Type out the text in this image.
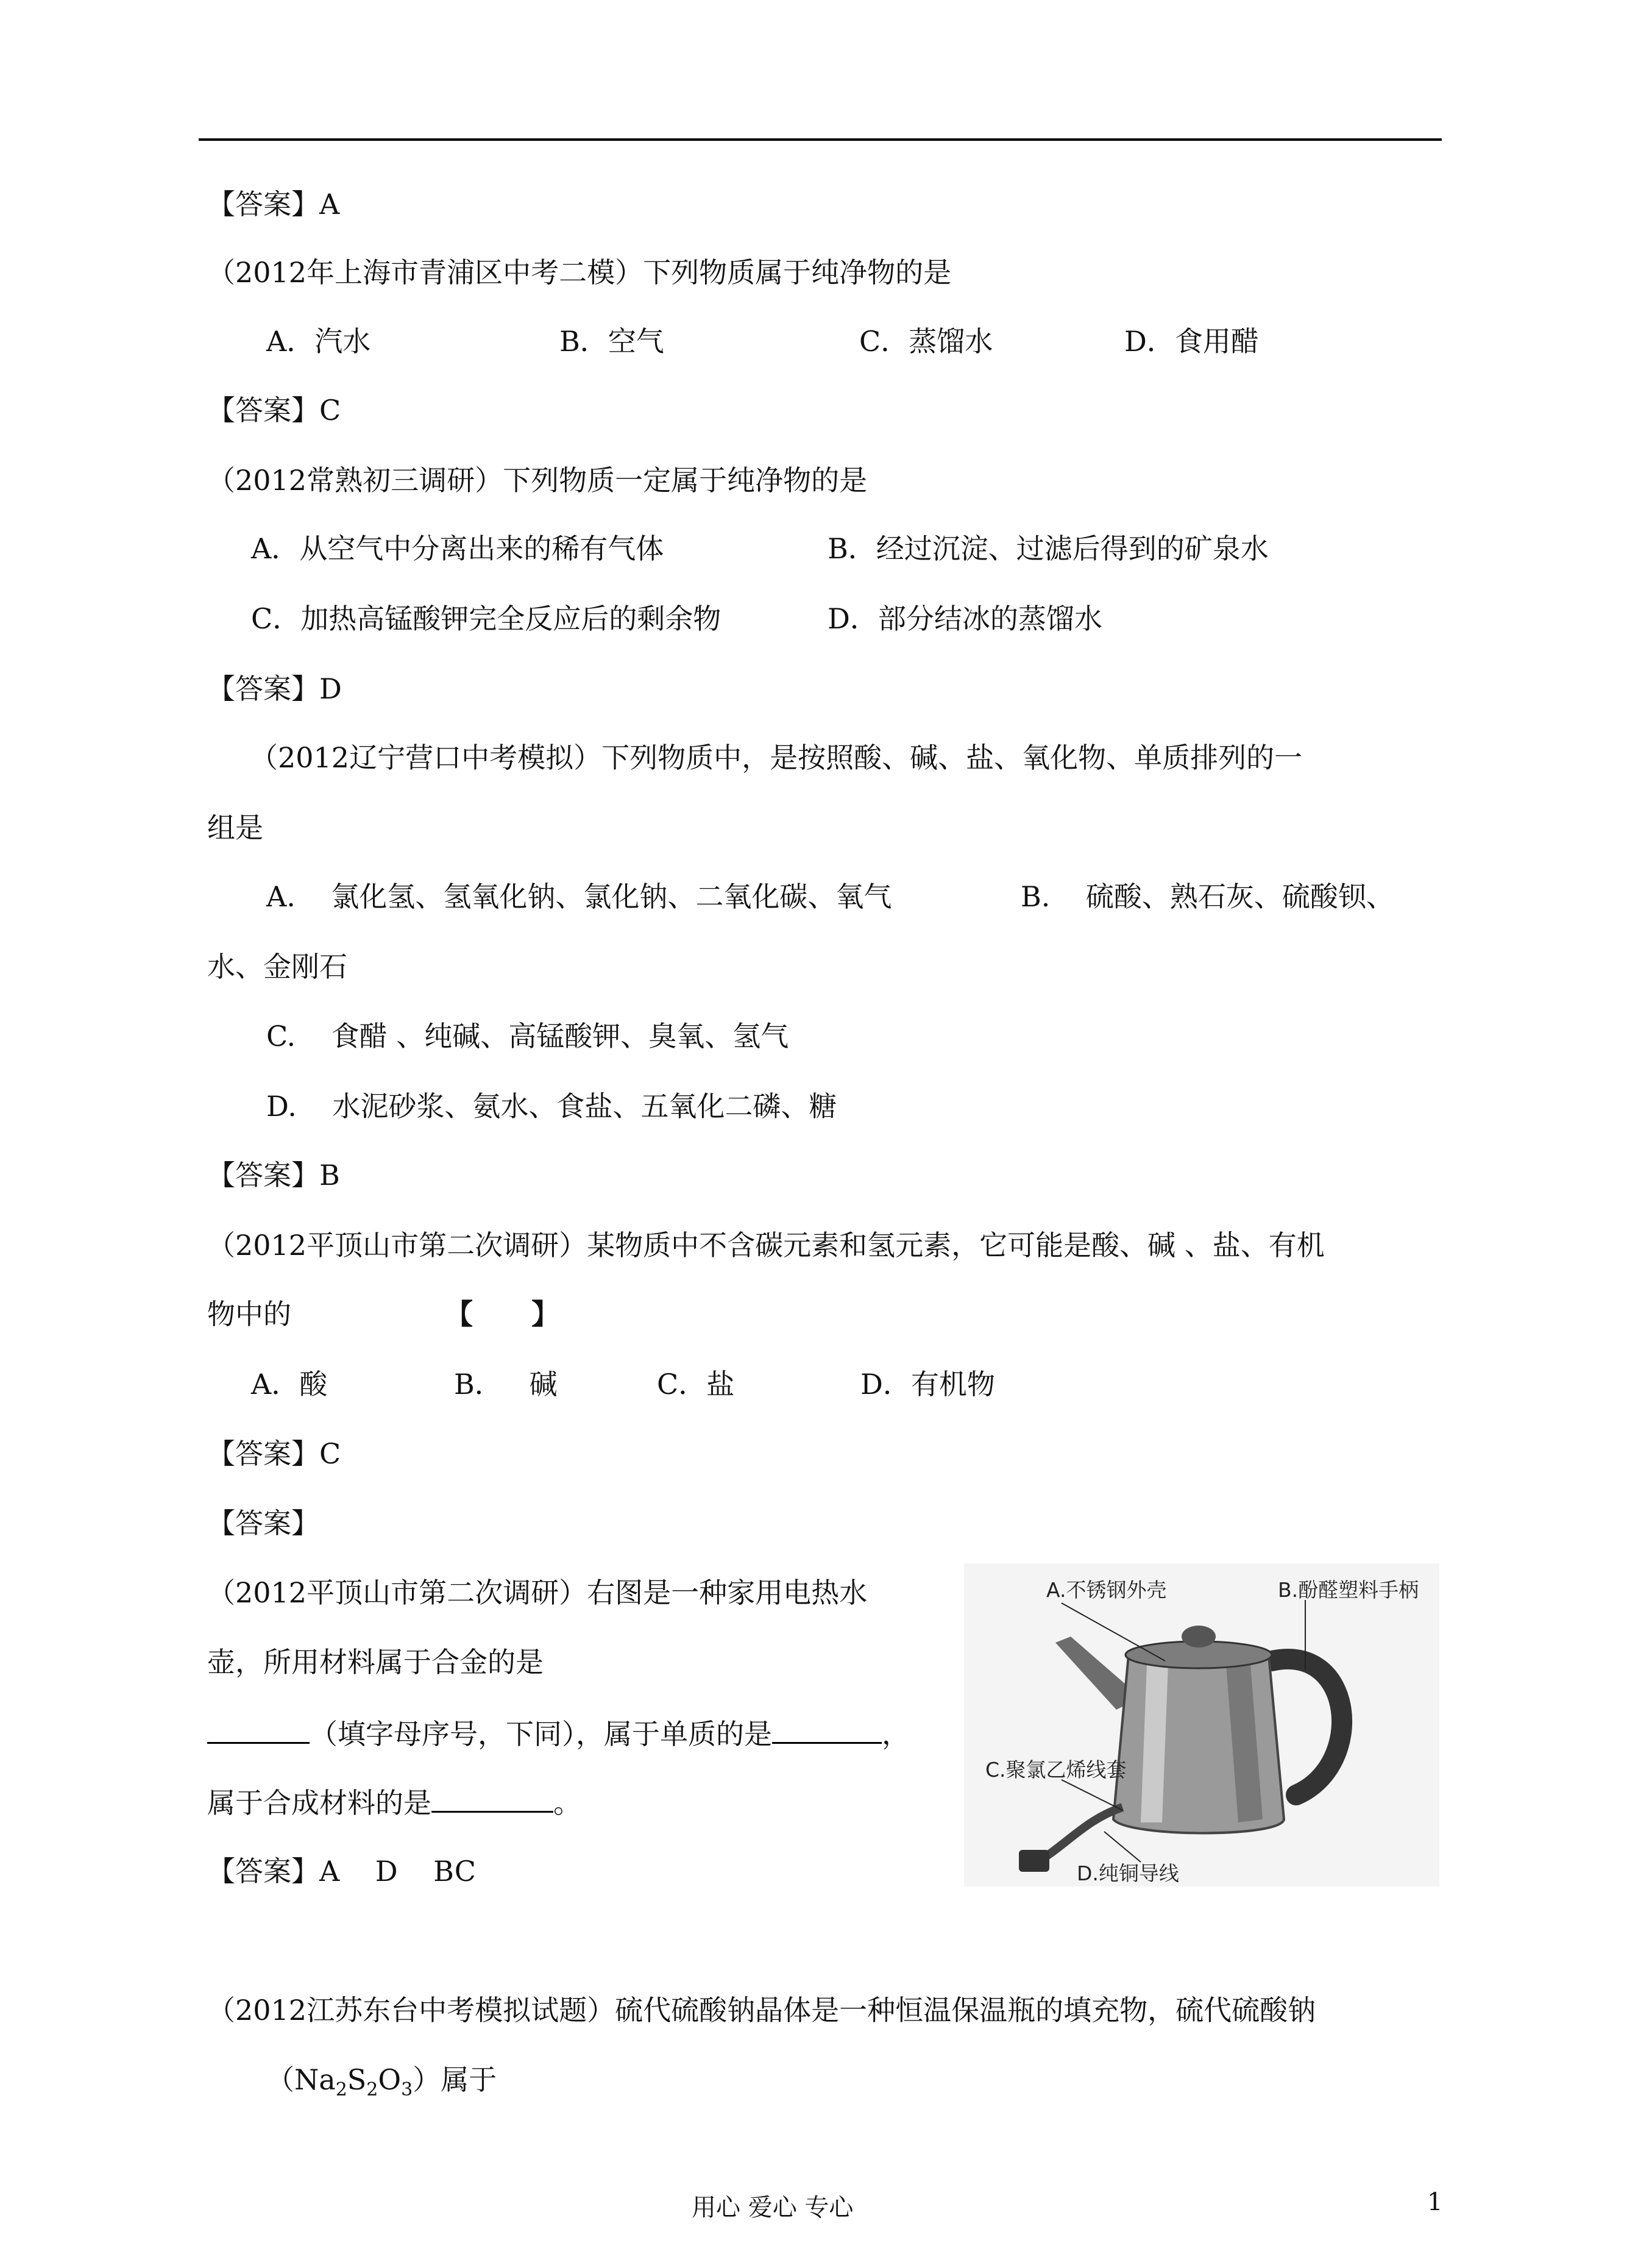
【答案】A
（2012年上海市青浦区中考二模）下列物质属于纯净物的是
A．汽水	B．空气	C．蒸馏水	D．食用醋
【答案】C
（2012常熟初三调研）下列物质一定属于纯净物的是
A．从空气中分离出来的稀有气体	B．经过沉淀、过滤后得到的矿泉水
C．加热高锰酸钾完全反应后的剩余物	D．部分结冰的蒸馏水
【答案】D
（2012辽宁营口中考模拟）下列物质中，是按照酸、碱、盐、氧化物、单质排列的一
组是
A.    氯化氢、氢氧化钠、氯化钠、二氧化碳、氧气	B.    硫酸、熟石灰、硫酸钡、
水、金刚石
C.    食醋 、纯碱、高锰酸钾、臭氧、氢气
D.    水泥砂浆、氨水、食盐、五氧化二磷、糖
【答案】B
（2012平顶山市第二次调研）某物质中不含碳元素和氢元素，它可能是酸、碱 、盐、有机
物中的	【      】
A．酸	B．   碱	C．盐	D．有机物
【答案】C
【答案】
（2012平顶山市第二次调研）右图是一种家用电热水
壶，所用材料属于合金的是
（填字母序号，下同），属于单质的是	，
属于合成材料的是	。
【答案】A    D    BC
A.不锈钢外壳	B.酚醛塑料手柄
C.聚氯乙烯线套
D.纯铜导线
（2012江苏东台中考模拟试题）硫代硫酸钠晶体是一种恒温保温瓶的填充物，硫代硫酸钠
$(Na_2S_2O_3)$属于
用心 爱心 专心	1
